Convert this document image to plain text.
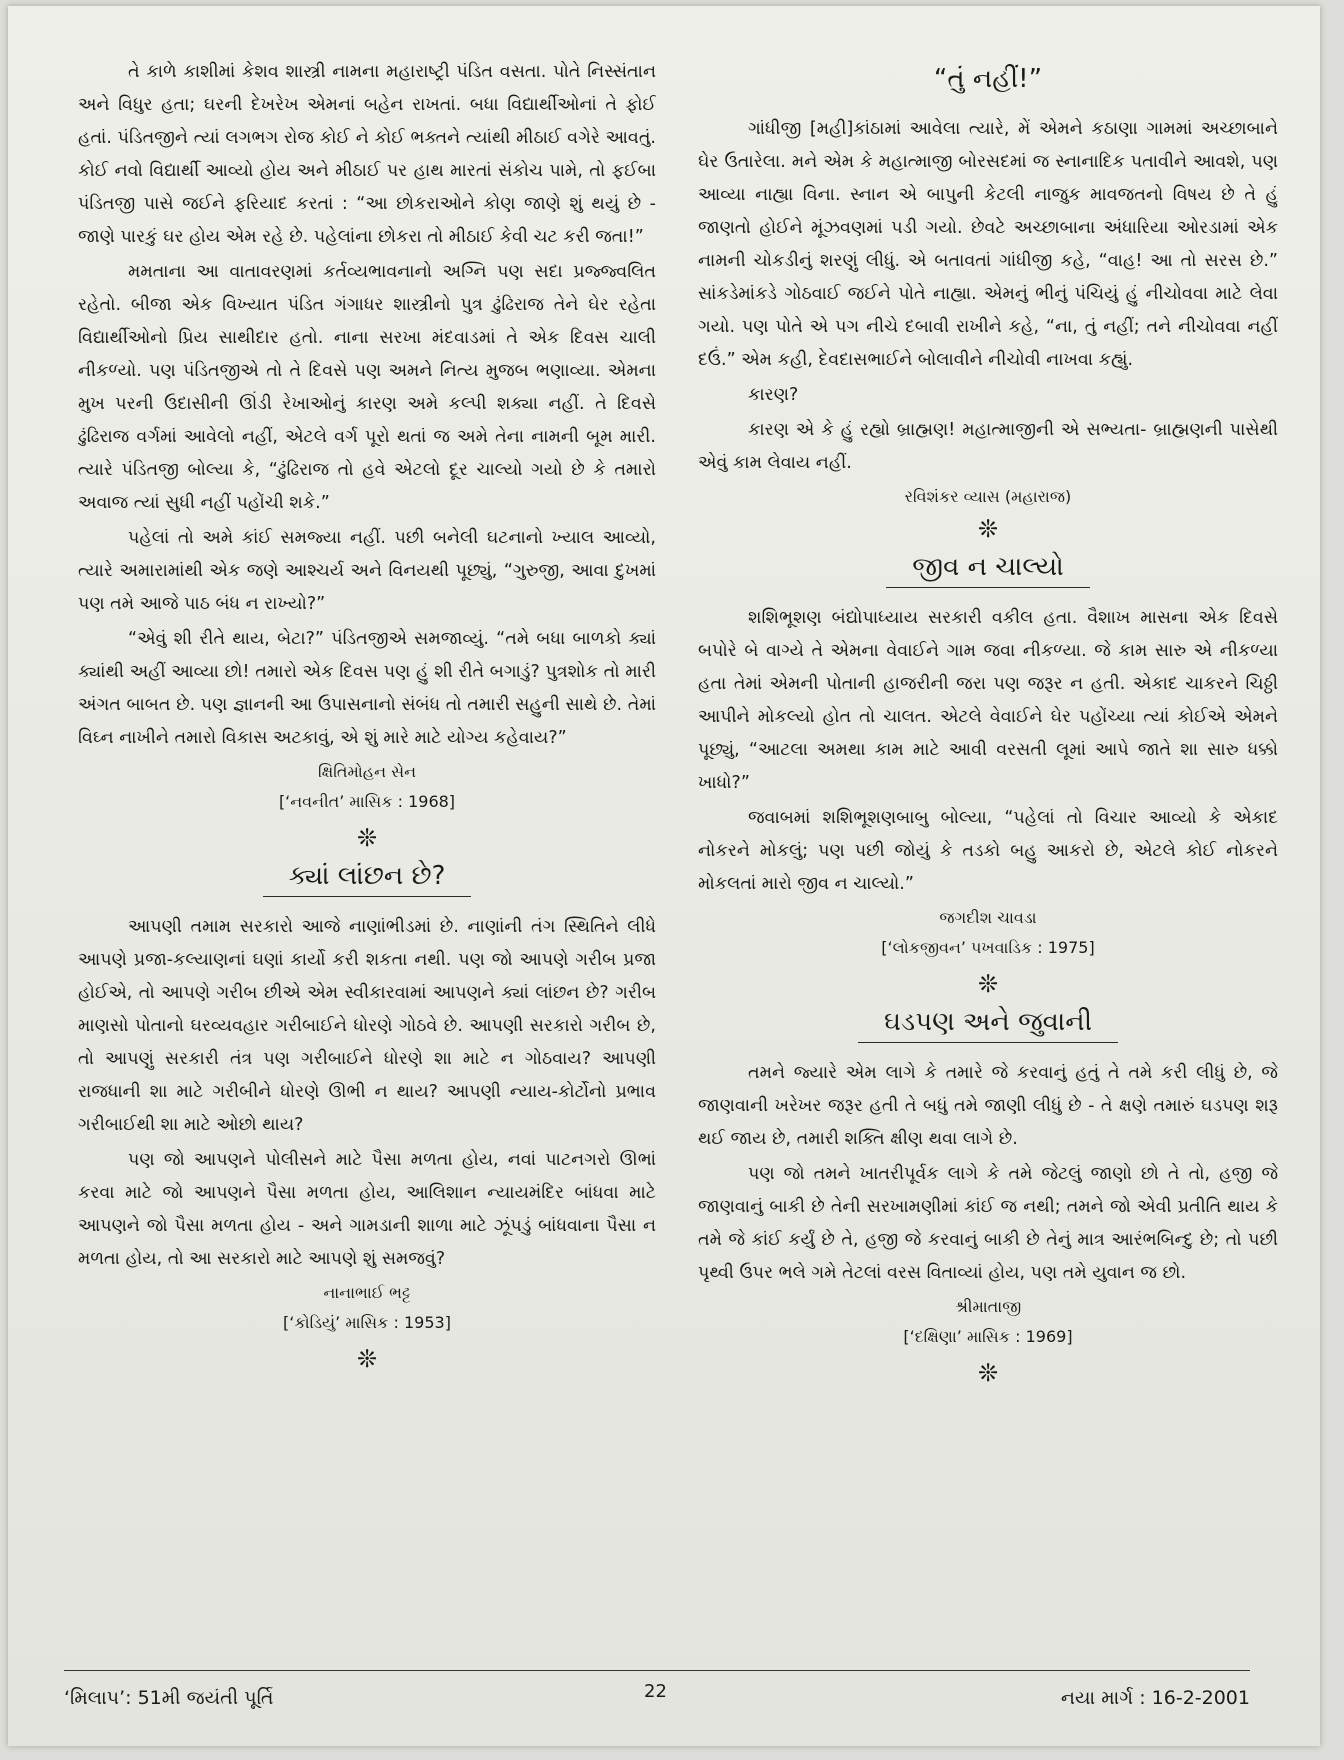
તે કાળે કાશીમાં કેશવ શાસ્ત્રી નામના મહારાષ્ટ્રી પંડિત વસતા. પોતે નિસ્સંતાન અને વિધુર હતા; ઘરની દેખરેખ એમનાં બહેન રાખતાં. બધા વિદ્યાર્થીઓનાં તે ફોઈ હતાં. પંડિતજીને ત્યાં લગભગ રોજ કોઈ ને કોઈ ભક્તને ત્યાંથી મીઠાઈ વગેરે આવતું. કોઈ નવો વિદ્યાર્થી આવ્યો હોય અને મીઠાઈ પર હાથ મારતાં સંકોચ પામે, તો ફઈબા પંડિતજી પાસે જઈને ફરિયાદ કરતાં : “આ છોકરાઓને કોણ જાણે શું થયું છે - જાણે પારકું ઘર હોય એમ રહે છે. પહેલાંના છોકરા તો મીઠાઈ કેવી ચટ કરી જતા!”

મમતાના આ વાતાવરણમાં કર્તવ્યભાવનાનો અગ્નિ પણ સદા પ્રજ્જ્વલિત રહેતો. બીજા એક વિખ્યાત પંડિત ગંગાધર શાસ્ત્રીનો પુત્ર ઢુંઢિરાજ તેને ઘેર રહેતા વિદ્યાર્થીઓનો પ્રિય સાથીદાર હતો. નાના સરખા મંદવાડમાં તે એક દિવસ ચાલી નીકળ્યો. પણ પંડિતજીએ તો તે દિવસે પણ અમને નિત્ય મુજબ ભણાવ્યા. એમના મુખ પરની ઉદાસીની ઊંડી રેખાઓનું કારણ અમે કલ્પી શક્યા નહીં. તે દિવસે ઢુંઢિરાજ વર્ગમાં આવેલો નહીં, એટલે વર્ગ પૂરો થતાં જ અમે તેના નામની બૂમ મારી. ત્યારે પંડિતજી બોલ્યા કે, “ઢુંઢિરાજ તો હવે એટલો દૂર ચાલ્યો ગયો છે કે તમારો અવાજ ત્યાં સુધી નહીં પહોંચી શકે.”

પહેલાં તો અમે કાંઈ સમજ્યા નહીં. પછી બનેલી ઘટનાનો ખ્યાલ આવ્યો, ત્યારે અમારામાંથી એક જણે આશ્ચર્ય અને વિનયથી પૂછ્યું, “ગુરુજી, આવા દુખમાં પણ તમે આજે પાઠ બંધ ન રાખ્યો?”

“એવું શી રીતે થાય, બેટા?” પંડિતજીએ સમજાવ્યું. “તમે બધા બાળકો ક્યાં ક્યાંથી અહીં આવ્યા છો! તમારો એક દિવસ પણ હું શી રીતે બગાડું? પુત્રશોક તો મારી અંગત બાબત છે. પણ જ્ઞાનની આ ઉપાસનાનો સંબંધ તો તમારી સહુની સાથે છે. તેમાં વિઘ્ન નાખીને તમારો વિકાસ અટકાવું, એ શું મારે માટે યોગ્ય કહેવાય?”

ક્ષિતિમોહન સેન
[‘નવનીત’ માસિક : 1968]
❊
ક્યાં લાંછન છે?

આપણી તમામ સરકારો આજે નાણાંભીડમાં છે. નાણાંની તંગ સ્થિતિને લીધે આપણે પ્રજા-કલ્યાણનાં ઘણાં કાર્યો કરી શકતા નથી. પણ જો આપણે ગરીબ પ્રજા હોઈએ, તો આપણે ગરીબ છીએ એમ સ્વીકારવામાં આપણને ક્યાં લાંછન છે? ગરીબ માણસો પોતાનો ઘરવ્યવહાર ગરીબાઈને ધોરણે ગોઠવે છે. આપણી સરકારો ગરીબ છે, તો આપણું સરકારી તંત્ર પણ ગરીબાઈને ધોરણે શા માટે ન ગોઠવાય? આપણી રાજધાની શા માટે ગરીબીને ધોરણે ઊભી ન થાય? આપણી ન્યાય-કોર્ટોનો પ્રભાવ ગરીબાઈથી શા માટે ઓછો થાય?

પણ જો આપણને પોલીસને માટે પૈસા મળતા હોય, નવાં પાટનગરો ઊભાં કરવા માટે જો આપણને પૈસા મળતા હોય, આલિશાન ન્યાયમંદિર બાંધવા માટે આપણને જો પૈસા મળતા હોય - અને ગામડાની શાળા માટે ઝૂંપડું બાંધવાના પૈસા ન મળતા હોય, તો આ સરકારો માટે આપણે શું સમજવું?

નાનાભાઈ ભટ્ટ
[‘કોડિયું’ માસિક : 1953]
❊
“તું નહીં!”

ગાંધીજી [મહી]કાંઠામાં આવેલા ત્યારે, મેં એમને કઠાણા ગામમાં અચ્છાબાને ઘેર ઉતારેલા. મને એમ કે મહાત્માજી બોરસદમાં જ સ્નાનાદિક પતાવીને આવશે, પણ આવ્યા નાહ્યા વિના. સ્નાન એ બાપુની કેટલી નાજુક માવજતનો વિષય છે તે હું જાણતો હોઈને મૂંઝવણમાં પડી ગયો. છેવટે અચ્છાબાના અંધારિયા ઓરડામાં એક નામની ચોકડીનું શરણું લીધું. એ બતાવતાં ગાંધીજી કહે, “વાહ! આ તો સરસ છે.” સાંકડેમાંકડે ગોઠવાઈ જઈને પોતે નાહ્યા. એમનું ભીનું પંચિયું હું નીચોવવા માટે લેવા ગયો. પણ પોતે એ પગ નીચે દબાવી રાખીને કહે, “ના, તું નહીં; તને નીચોવવા નહીં દઉં.” એમ કહી, દેવદાસભાઈને બોલાવીને નીચોવી નાખવા કહ્યું.

કારણ?

કારણ એ કે હું રહ્યો બ્રાહ્મણ! મહાત્માજીની એ સભ્યતા- બ્રાહ્મણની પાસેથી એવું કામ લેવાય નહીં.

રવિશંકર વ્યાસ (મહારાજ)
❊
જીવ ન ચાલ્યો

શશિભૂશણ બંદ્યોપાધ્યાય સરકારી વકીલ હતા. વૈશાખ માસના એક દિવસે બપોરે બે વાગ્યે તે એમના વેવાઈને ગામ જવા નીકળ્યા. જે કામ સારુ એ નીકળ્યા હતા તેમાં એમની પોતાની હાજરીની જરા પણ જરૂર ન હતી. એકાદ ચાકરને ચિઠ્ઠી આપીને મોકલ્યો હોત તો ચાલત. એટલે વેવાઈને ઘેર પહોંચ્યા ત્યાં કોઈએ એમને પૂછ્યું, “આટલા અમથા કામ માટે આવી વરસતી લૂમાં આપે જાતે શા સારુ ધક્કો ખાધો?”

જવાબમાં શશિભૂશણબાબુ બોલ્યા, “પહેલાં તો વિચાર આવ્યો કે એકાદ નોકરને મોકલું; પણ પછી જોયું કે તડકો બહુ આકરો છે, એટલે કોઈ નોકરને મોકલતાં મારો જીવ ન ચાલ્યો.”

જગદીશ ચાવડા
[‘લોકજીવન’ પખવાડિક : 1975]
❊
ઘડપણ અને જુવાની

તમને જ્યારે એમ લાગે કે તમારે જે કરવાનું હતું તે તમે કરી લીધું છે, જે જાણવાની ખરેખર જરૂર હતી તે બધું તમે જાણી લીધું છે - તે ક્ષણે તમારું ઘડપણ શરૂ થઈ જાય છે, તમારી શક્તિ ક્ષીણ થવા લાગે છે.

પણ જો તમને ખાતરીપૂર્વક લાગે કે તમે જેટલું જાણો છો તે તો, હજી જે જાણવાનું બાકી છે તેની સરખામણીમાં કાંઈ જ નથી; તમને જો એવી પ્રતીતિ થાય કે તમે જે કાંઈ કર્યું છે તે, હજી જે કરવાનું બાકી છે તેનું માત્ર આરંભબિન્દુ છે; તો પછી પૃથ્વી ઉપર ભલે ગમે તેટલાં વરસ વિતાવ્યાં હોય, પણ તમે યુવાન જ છો.

શ્રીમાતાજી
[‘દક્ષિણા’ માસિક : 1969]
❊
‘મિલાપ’: 51મી જયંતી પૂર્તિ	22	નયા માર્ગ : 16-2-2001
